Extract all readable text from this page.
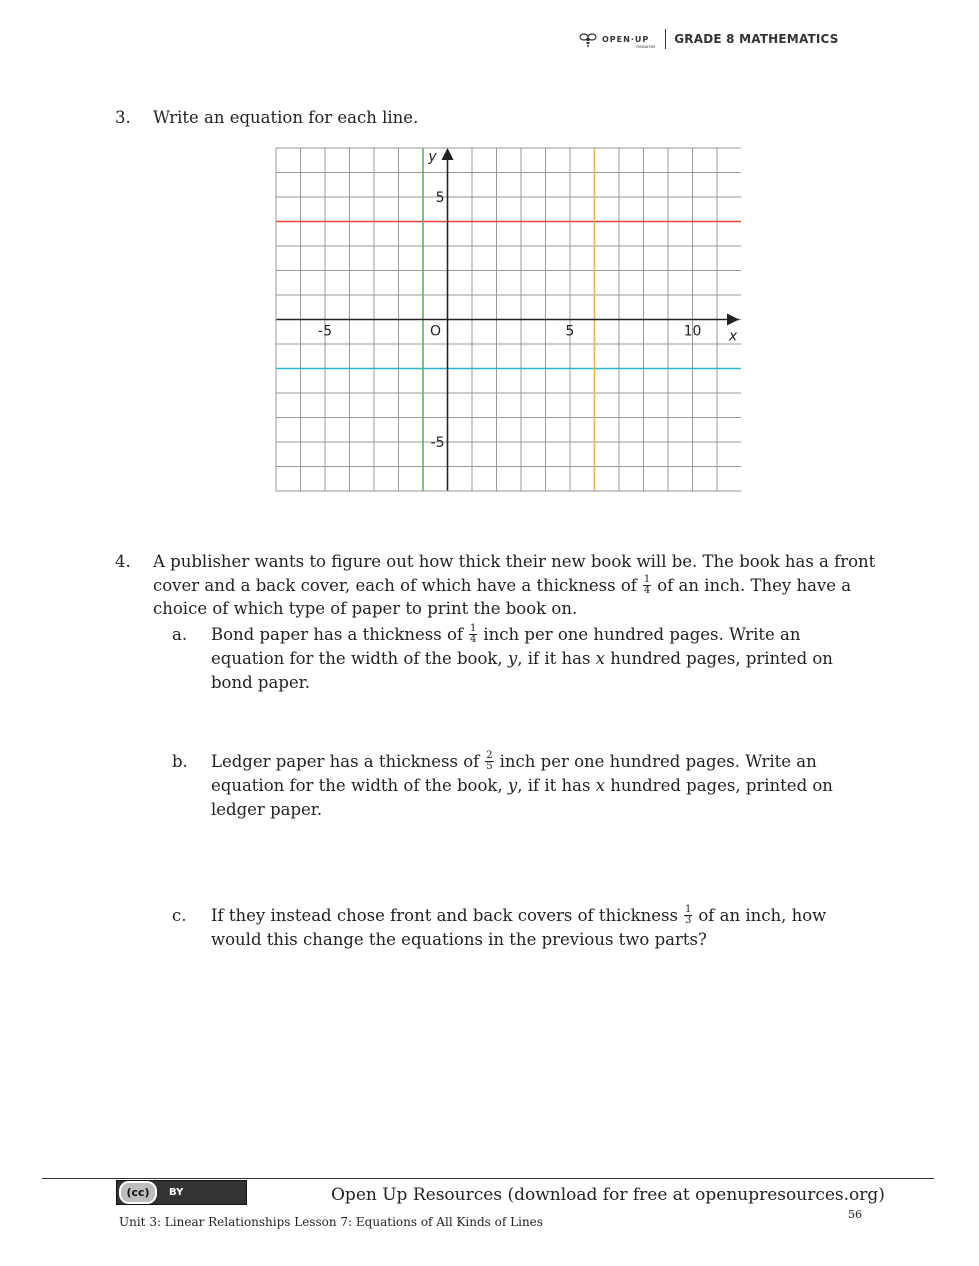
OPEN·UP
resources
GRADE 8 MATHEMATICS
3. Write an equation for each line.
-5	5	10
5
-5
O	x
y
4. A publisher wants to figure out how thick their new book will be. The book has a front
cover and a back cover, each of which have a thickness of $\frac{1}{4}$ of an inch. They have a
choice of which type of paper to print the book on.
a. Bond paper has a thickness of $\frac{1}{4}$ inch per one hundred pages. Write an
equation for the width of the book, y, if it has x hundred pages, printed on
bond paper.
b. Ledger paper has a thickness of $\frac{2}{5}$ inch per one hundred pages. Write an
equation for the width of the book, y, if it has x hundred pages, printed on
ledger paper.
c. If they instead chose front and back covers of thickness $\frac{1}{3}$ of an inch, how
would this change the equations in the previous two parts?
(cc)	BY	Open Up Resources (download for free at openupresources.org)
56
Unit 3: Linear Relationships Lesson 7: Equations of All Kinds of Lines
